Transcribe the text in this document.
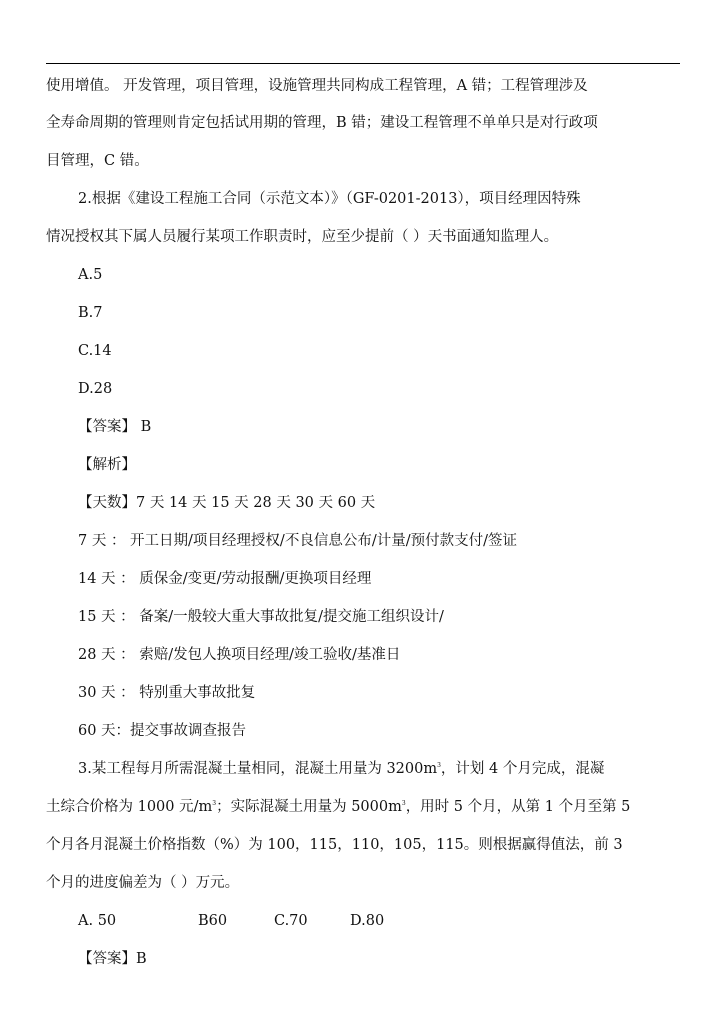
使用增值。 开发管理，项目管理，设施管理共同构成工程管理，A 错；工程管理涉及
全寿命周期的管理则肯定包括试用期的管理，B 错；建设工程管理不单单只是对行政项
目管理，C 错。
2.根据《建设工程施工合同（示范文本）》（GF-0201-2013），项目经理因特殊
情况授权其下属人员履行某项工作职责时，应至少提前（ ）天书面通知监理人。
A.5
B.7
C.14
D.28
【答案】 B
【解析】
【天数】7 天 14 天 15 天 28 天 30 天 60 天
7 天 ： 开工日期/项目经理授权/不良信息公布/计量/预付款支付/签证
14 天 ： 质保金/变更/劳动报酬/更换项目经理
15 天 ： 备案/一般较大重大事故批复/提交施工组织设计/
28 天 ： 索赔/发包人换项目经理/竣工验收/基准日
30 天 ： 特别重大事故批复
60 天：提交事故调查报告
3.某工程每月所需混凝土量相同，混凝土用量为 $3200m^3$，计划 4 个月完成，混凝
土综合价格为 1000 元$/m^3$；实际混凝土用量为 $5000m^3$，用时 5 个月，从第 1 个月至第 5
个月各月混凝土价格指数（%）为 100，115，110，105，115。则根据赢得值法，前 3
个月的进度偏差为（ ）万元。
A. 50	B60	C.70	D.80
【答案】B
